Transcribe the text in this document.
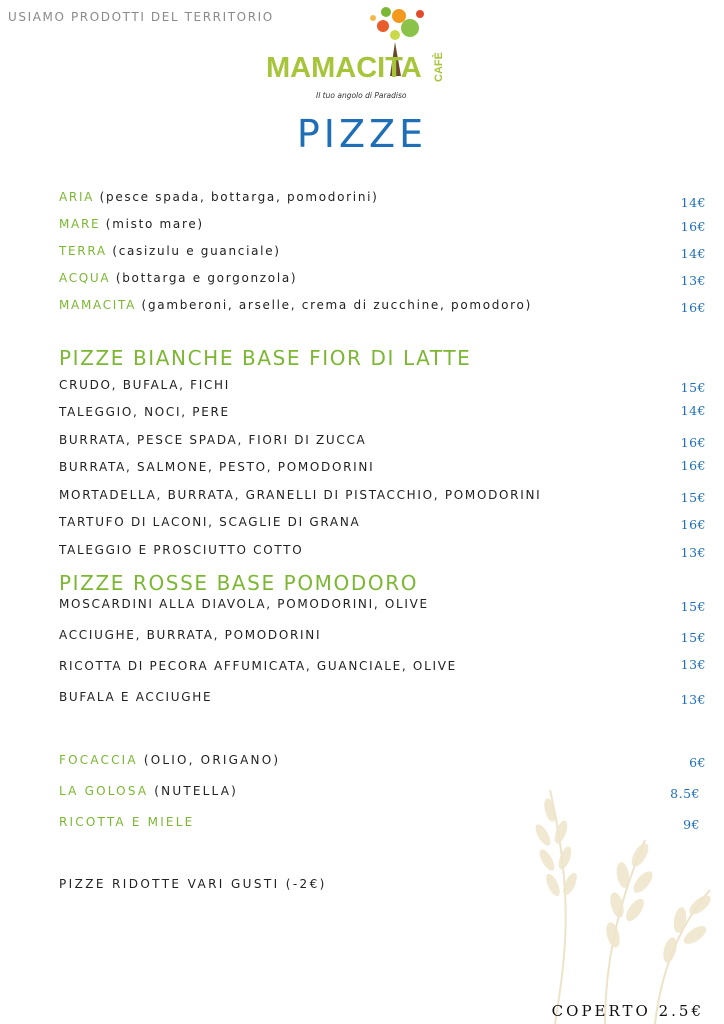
USIAMO PRODOTTI DEL TERRITORIO
MAMACITA CAFÈ
Il tuo angolo di Paradiso
PIZZE
ARIA (pesce spada, bottarga, pomodorini)	14€
MARE (misto mare)	16€
TERRA (casizulu e guanciale)	14€
ACQUA (bottarga e gorgonzola)	13€
MAMACITA (gamberoni, arselle, crema di zucchine, pomodoro)	16€
PIZZE BIANCHE BASE FIOR DI LATTE
CRUDO, BUFALA, FICHI	15€
TALEGGIO, NOCI, PERE	14€
BURRATA, PESCE SPADA, FIORI DI ZUCCA	16€
BURRATA, SALMONE, PESTO, POMODORINI	16€
MORTADELLA, BURRATA, GRANELLI DI PISTACCHIO, POMODORINI	15€
TARTUFO DI LACONI, SCAGLIE DI GRANA	16€
TALEGGIO E PROSCIUTTO COTTO	13€
PIZZE ROSSE BASE POMODORO
MOSCARDINI ALLA DIAVOLA, POMODORINI, OLIVE	15€
ACCIUGHE, BURRATA, POMODORINI	15€
RICOTTA DI PECORA AFFUMICATA, GUANCIALE, OLIVE	13€
BUFALA E ACCIUGHE	13€
FOCACCIA (OLIO, ORIGANO)	6€
LA GOLOSA (NUTELLA)	8.5€
RICOTTA E MIELE	9€
PIZZE RIDOTTE VARI GUSTI (-2€)
COPERTO 2.5€
